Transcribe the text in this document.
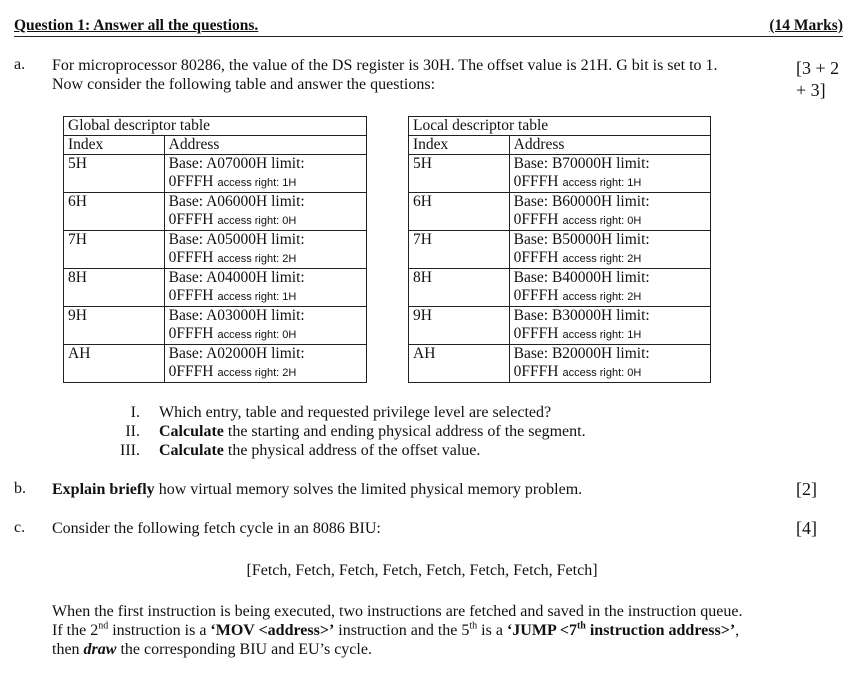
Question 1: Answer all the questions.	(14 Marks)
a. For microprocessor 80286, the value of the DS register is 30H. The offset value is 21H. G bit is set to 1.
Now consider the following table and answer the questions:
[3 + 2
+ 3]
Global descriptor table	
Index	Address
5H	Base: A07000H limit:
0FFFH access right: 1H

6H	Base: A06000H limit:
0FFFH access right: 0H

7H	Base: A05000H limit:
0FFFH access right: 2H

8H	Base: A04000H limit:
0FFFH access right: 1H

9H	Base: A03000H limit:
0FFFH access right: 0H

AH	Base: A02000H limit:
0FFFH access right: 2H
Local descriptor table	
Index	Address
5H	Base: B70000H limit:
0FFFH access right: 1H

6H	Base: B60000H limit:
0FFFH access right: 0H

7H	Base: B50000H limit:
0FFFH access right: 2H

8H	Base: B40000H limit:
0FFFH access right: 2H

9H	Base: B30000H limit:
0FFFH access right: 1H

AH	Base: B20000H limit:
0FFFH access right: 0H
I. Which entry, table and requested privilege level are selected?
II. Calculate the starting and ending physical address of the segment.
III. Calculate the physical address of the offset value.
b. Explain briefly how virtual memory solves the limited physical memory problem.	[2]
c. Consider the following fetch cycle in an 8086 BIU:	[4]
[Fetch, Fetch, Fetch, Fetch, Fetch, Fetch, Fetch, Fetch]
When the first instruction is being executed, two instructions are fetched and saved in the instruction queue.
If the 2nd instruction is a ‘MOV <address>’ instruction and the 5th is a ‘JUMP <7th instruction address>’,
then draw the corresponding BIU and EU’s cycle.
